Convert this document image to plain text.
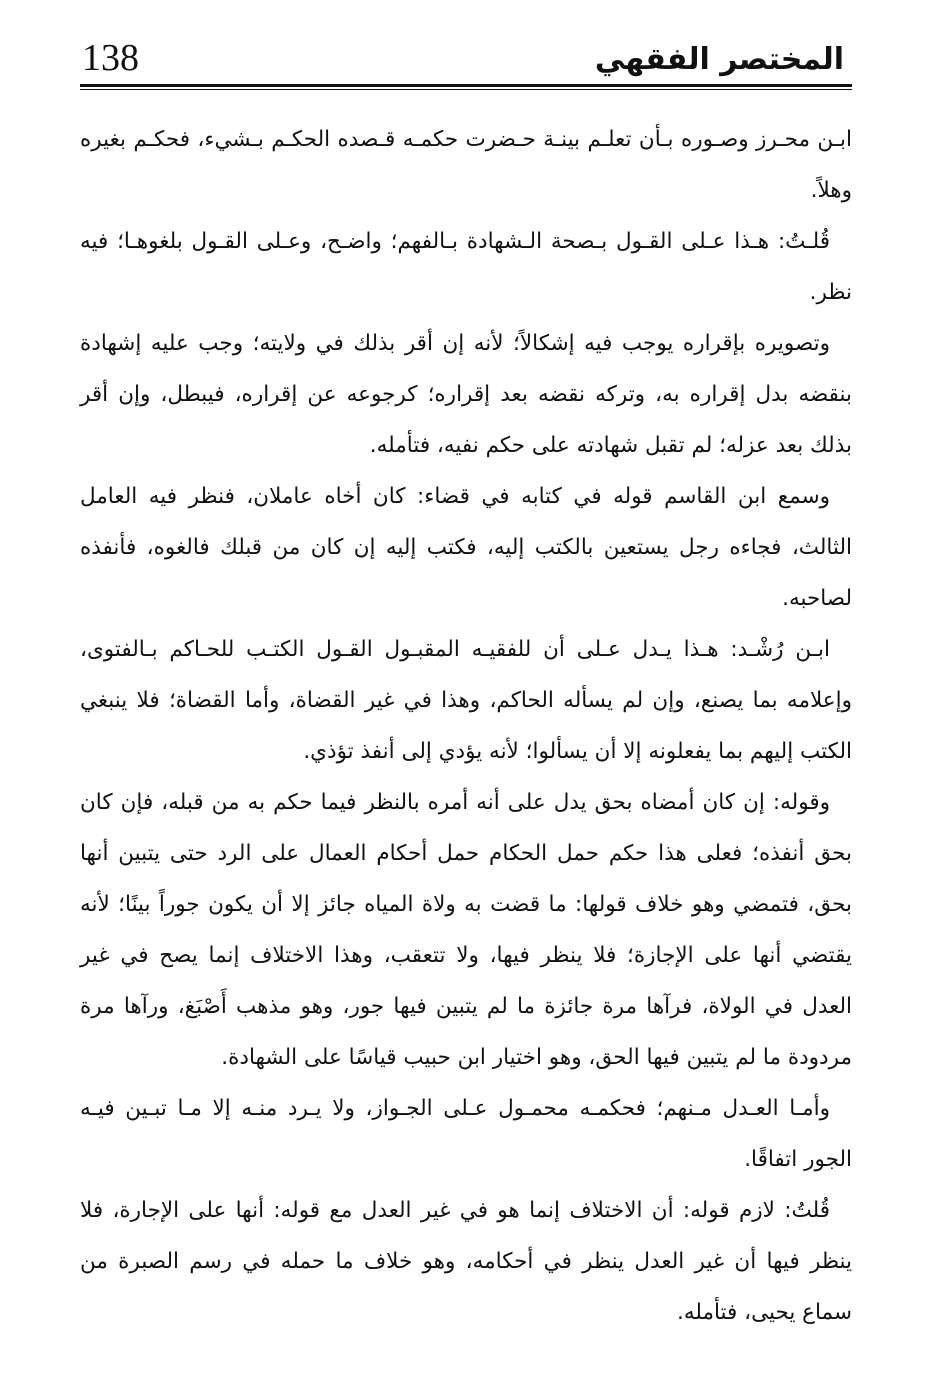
138	المختصر الفقهي

ابـن محـرز وصـوره بـأن تعلـم بينـة حـضرت حكمـه قـصده الحكـم بـشيء، فحكـم بغيره وهلاً.

قُلـتُ: هـذا عـلى القـول بـصحة الـشهادة بـالفهم؛ واضـح، وعـلى القـول بلغوهـا؛ فيه نظر.

وتصويره بإقراره يوجب فيه إشكالاً؛ لأنه إن أقر بذلك في ولايته؛ وجب عليه إشهادة بنقضه بدل إقراره به، وتركه نقضه بعد إقراره؛ كرجوعه عن إقراره، فيبطل، وإن أقر بذلك بعد عزله؛ لم تقبل شهادته على حكم نفيه، فتأمله.

وسمع ابن القاسم قوله في كتابه في قضاء: كان أخاه عاملان، فنظر فيه العامل الثالث، فجاءه رجل يستعين بالكتب إليه، فكتب إليه إن كان من قبلك فالغوه، فأنفذه لصاحبه.

ابـن رُشْـد: هـذا يـدل عـلى أن للفقيـه المقبـول القـول الكتـب للحـاكم بـالفتوى، وإعلامه بما يصنع، وإن لم يسأله الحاكم، وهذا في غير القضاة، وأما القضاة؛ فلا ينبغي الكتب إليهم بما يفعلونه إلا أن يسألوا؛ لأنه يؤدي إلى أنفذ تؤذي.

وقوله: إن كان أمضاه بحق يدل على أنه أمره بالنظر فيما حكم به من قبله، فإن كان بحق أنفذه؛ فعلى هذا حكم حمل الحكام حمل أحكام العمال على الرد حتى يتبين أنها بحق، فتمضي وهو خلاف قولها: ما قضت به ولاة المياه جائز إلا أن يكون جوراً بينًا؛ لأنه يقتضي أنها على الإجازة؛ فلا ينظر فيها، ولا تتعقب، وهذا الاختلاف إنما يصح في غير العدل في الولاة، فرآها مرة جائزة ما لم يتبين فيها جور، وهو مذهب أَصْبَغ، ورآها مرة مردودة ما لم يتبين فيها الحق، وهو اختيار ابن حبيب قياسًا على الشهادة.

وأمـا العـدل مـنهم؛ فحكمـه محمـول عـلى الجـواز، ولا يـرد منـه إلا مـا تبـين فيـه الجور اتفاقًا.

قُلتُ: لازم قوله: أن الاختلاف إنما هو في غير العدل مع قوله: أنها على الإجارة، فلا ينظر فيها أن غير العدل ينظر في أحكامه، وهو خلاف ما حمله في رسم الصبرة من سماع يحيى، فتأمله.
